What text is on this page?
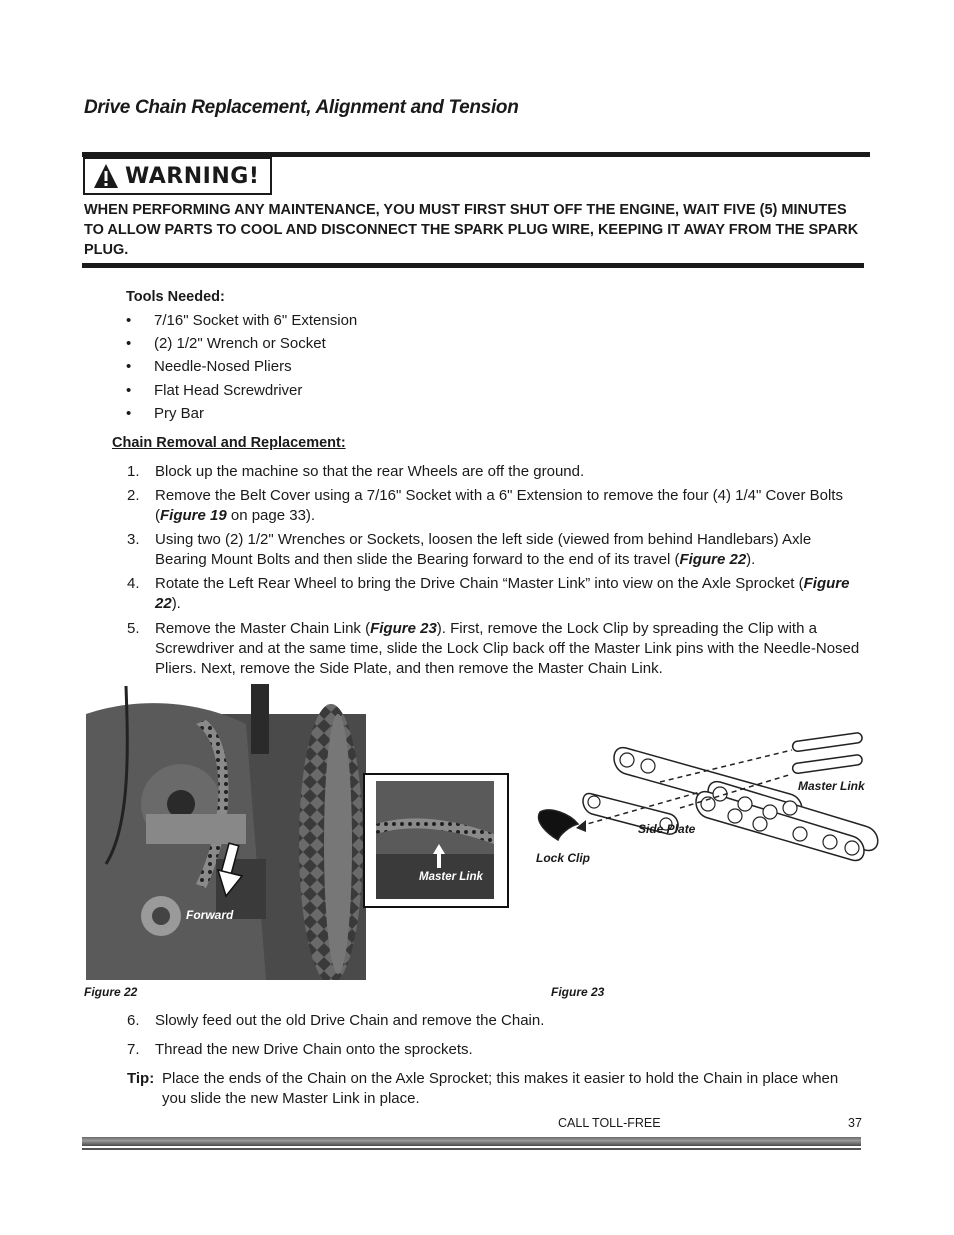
Drive Chain Replacement, Alignment and Tension
WARNING!
WHEN PERFORMING ANY MAINTENANCE, YOU MUST FIRST SHUT OFF THE ENGINE, WAIT FIVE (5) MINUTES TO ALLOW PARTS TO COOL AND DISCONNECT THE SPARK PLUG WIRE, KEEPING IT AWAY FROM THE SPARK PLUG.
Tools Needed:
• 7/16" Socket with 6" Extension
• (2) 1/2" Wrench or Socket
• Needle-Nosed Pliers
• Flat Head Screwdriver
• Pry Bar
Chain Removal and Replacement:
1. Block up the machine so that the rear Wheels are off the ground.
2. Remove the Belt Cover using a 7/16" Socket with a 6" Extension to remove the four (4) 1/4" Cover Bolts (Figure 19 on page 33).
3. Using two (2) 1/2" Wrenches or Sockets, loosen the left side (viewed from behind Handlebars) Axle Bearing Mount Bolts and then slide the Bearing forward to the end of its travel (Figure 22).
4. Rotate the Left Rear Wheel to bring the Drive Chain “Master Link” into view on the Axle Sprocket (Figure 22).
5. Remove the Master Chain Link (Figure 23). First, remove the Lock Clip by spreading the Clip with a Screwdriver and at the same time, slide the Lock Clip back off the Master Link pins with the Needle-Nosed Pliers. Next, remove the Side Plate, and then remove the Master Chain Link.
Forward
Master Link
Master Link
Side Plate
Lock Clip
Figure 22	Figure 23
6. Slowly feed out the old Drive Chain and remove the Chain.
7. Thread the new Drive Chain onto the sprockets.
Tip: Place the ends of the Chain on the Axle Sprocket; this makes it easier to hold the Chain in place when you slide the new Master Link in place.
CALL TOLL-FREE	37
